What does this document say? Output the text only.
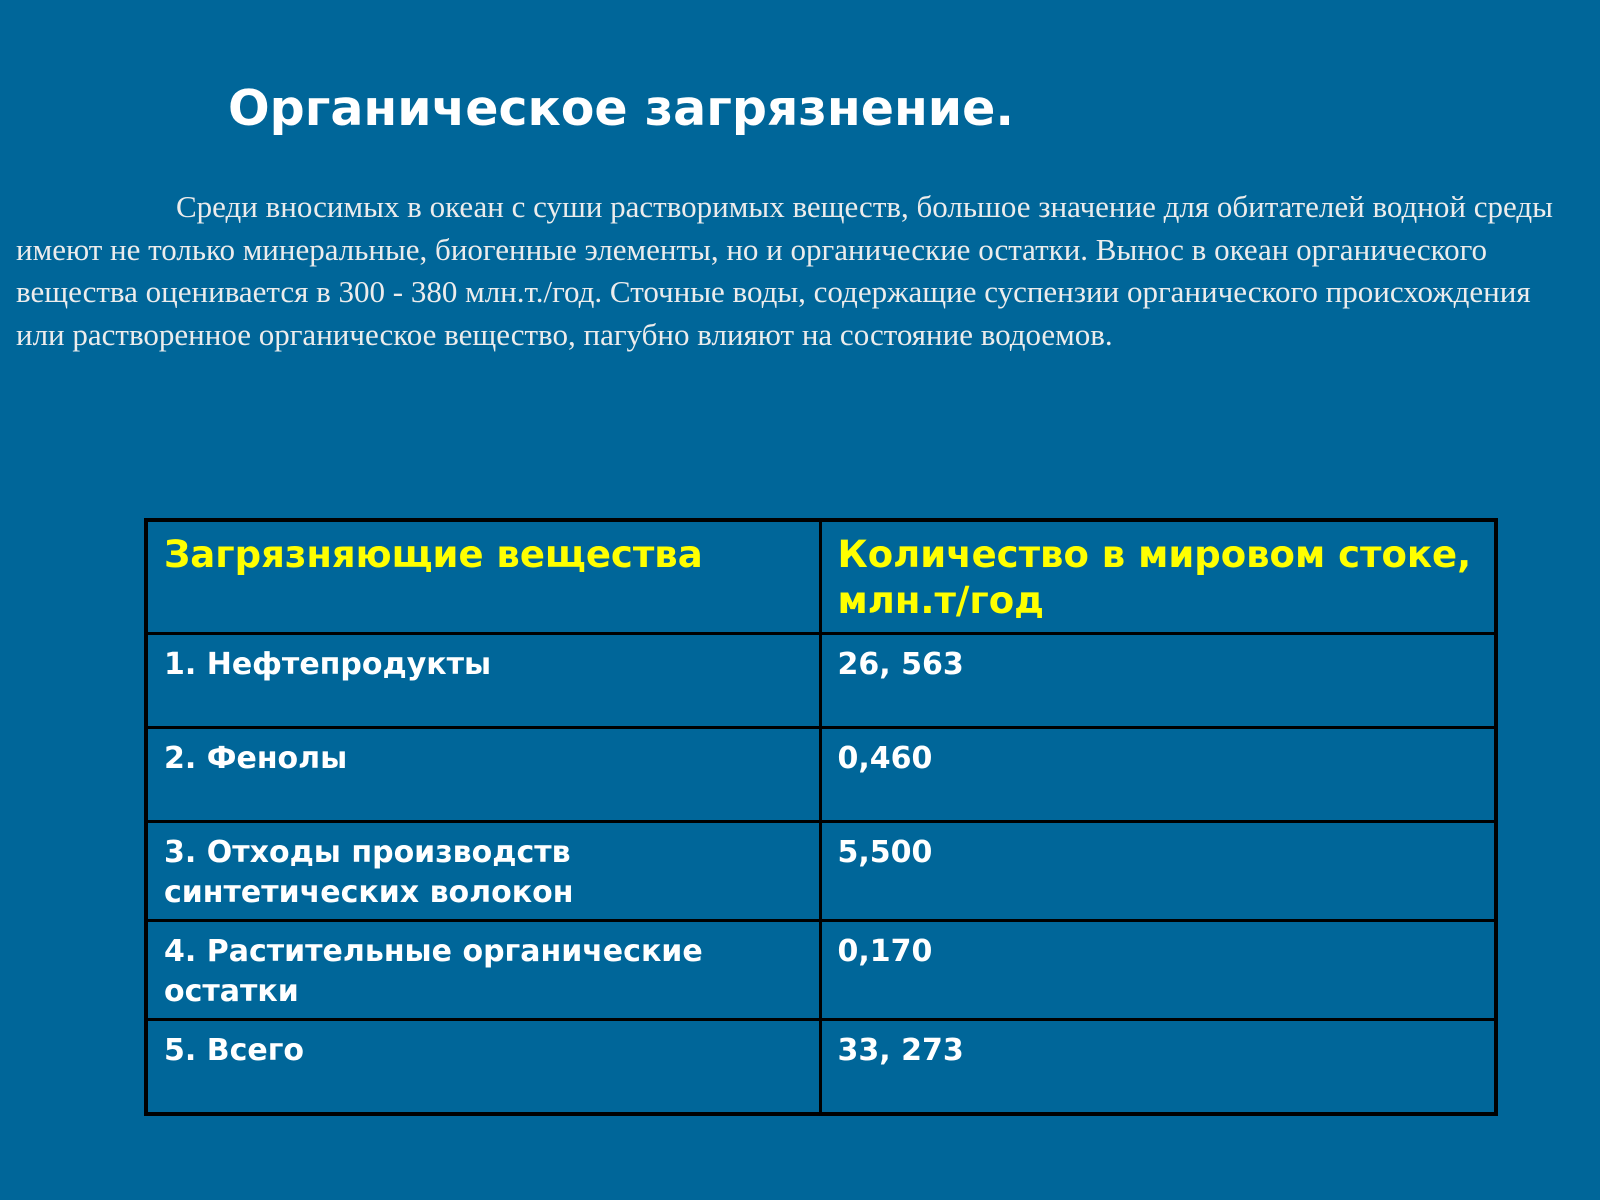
Органическое загрязнение.

Среди вносимых в океан с суши растворимых веществ, большое значение для обитателей водной среды имеют не только минеральные, биогенные элементы, но и органические остатки. Вынос в океан органического вещества оценивается в 300 - 380 млн.т./год. Сточные воды, содержащие суспензии органического происхождения или растворенное органическое вещество, пагубно влияют на состояние водоемов.

Загрязняющие вещества	Количество в мировом стоке, млн.т/год
1. Нефтепродукты	26, 563
2. Фенолы	0,460
3. Отходы производств синтетических волокон	5,500
4. Растительные органические остатки	0,170
5. Всего	33, 273
